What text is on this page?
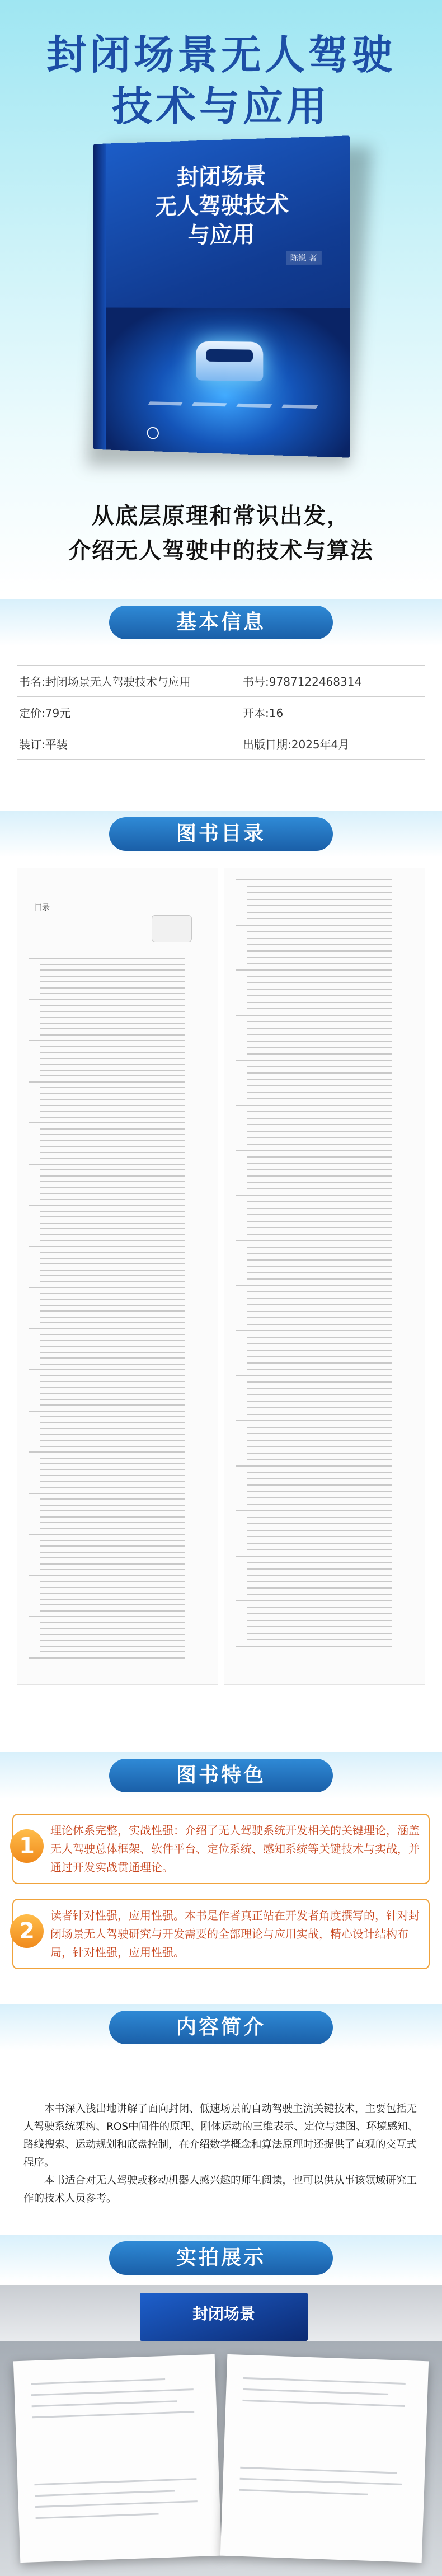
封闭场景无人驾驶
技术与应用
封闭场景
无人驾驶技术
与应用
陈锐 著
从底层原理和常识出发，
介绍无人驾驶中的技术与算法
基本信息
书名:封闭场景无人驾驶技术与应用	书号:9787122468314
定价:79元	开本:16
装订:平装	出版日期:2025年4月
图书目录
目录
图书特色
1
理论体系完整，实战性强：介绍了无人驾驶系统开发相关的关键理论，涵盖无人驾驶总体框架、软件平台、定位系统、感知系统等关键技术与实战，并通过开发实战贯通理论。
2
读者针对性强，应用性强。本书是作者真正站在开发者角度撰写的，针对封闭场景无人驾驶研究与开发需要的全部理论与应用实战，精心设计结构布局，针对性强，应用性强。
内容简介

本书深入浅出地讲解了面向封闭、低速场景的自动驾驶主流关键技术，主要包括无人驾驶系统架构、ROS中间件的原理、刚体运动的三维表示、定位与建图、环境感知、路线搜索、运动规划和底盘控制，在介绍数学概念和算法原理时还提供了直观的交互式程序。

本书适合对无人驾驶或移动机器人感兴趣的师生阅读，也可以供从事该领域研究工作的技术人员参考。

实拍展示
封闭场景
